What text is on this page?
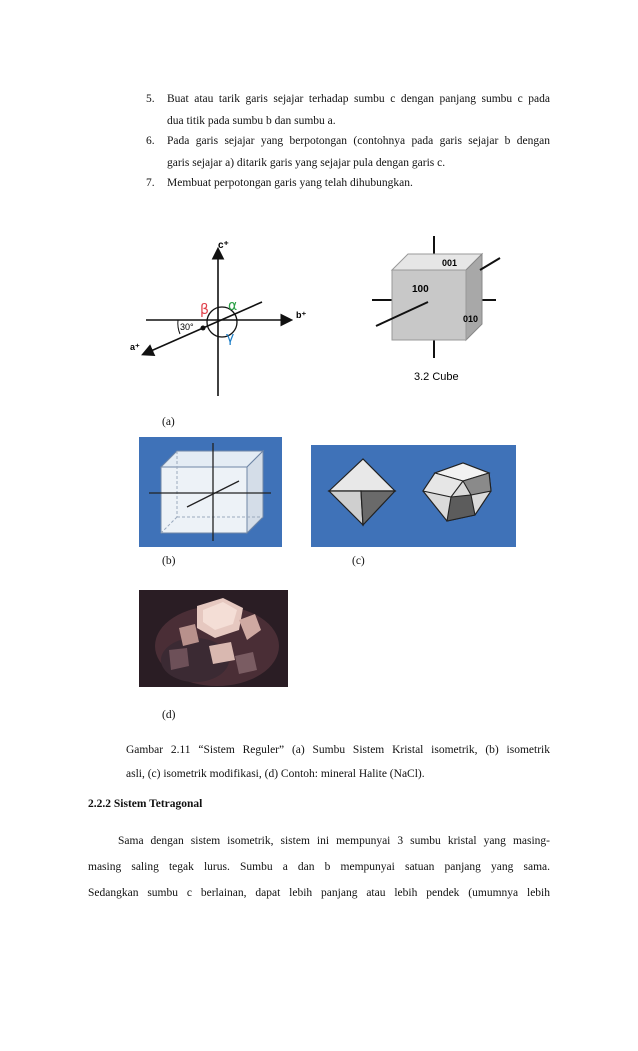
5. Buat atau tarik garis sejajar terhadap sumbu c dengan panjang sumbu c pada
dua titik pada sumbu b dan sumbu a.
6. Pada garis sejajar yang berpotongan (contohnya pada garis sejajar b dengan
garis sejajar a) ditarik garis yang sejajar pula dengan garis c.
7. Membuat perpotongan garis yang telah dihubungkan.
c⁺
b⁺
a⁺
30°
β α
γ
001
100
010
3.2 Cube
(a)
(b)	(c)
(d)
Gambar 2.11 “Sistem Reguler” (a) Sumbu Sistem Kristal isometrik, (b) isometrik
asli, (c) isometrik modifikasi, (d) Contoh: mineral Halite (NaCl).
2.2.2 Sistem Tetragonal
Sama dengan sistem isometrik, sistem ini mempunyai 3 sumbu kristal yang masing-
masing saling tegak lurus. Sumbu a dan b mempunyai satuan panjang yang sama.
Sedangkan sumbu c berlainan, dapat lebih panjang atau lebih pendek (umumnya lebih
